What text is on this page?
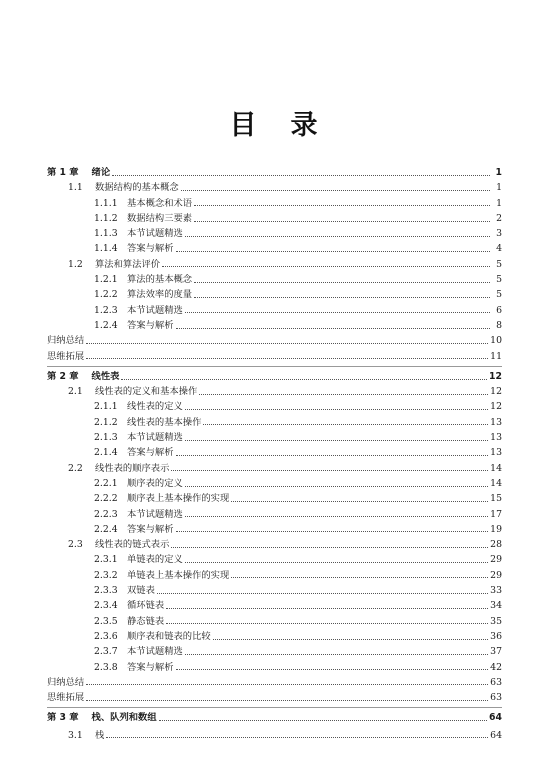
目 录
第 1 章 绪论	1
1.1	数据结构的基本概念	1
1.1.1	基本概念和术语	1
1.1.2	数据结构三要素	2
1.1.3	本节试题精选	3
1.1.4	答案与解析	4
1.2	算法和算法评价	5
1.2.1	算法的基本概念	5
1.2.2	算法效率的度量	5
1.2.3	本节试题精选	6
1.2.4	答案与解析	8
归纳总结	10
思维拓展	11
第 2 章 线性表	12
2.1	线性表的定义和基本操作	12
2.1.1	线性表的定义	12
2.1.2	线性表的基本操作	13
2.1.3	本节试题精选	13
2.1.4	答案与解析	13
2.2	线性表的顺序表示	14
2.2.1	顺序表的定义	14
2.2.2	顺序表上基本操作的实现	15
2.2.3	本节试题精选	17
2.2.4	答案与解析	19
2.3	线性表的链式表示	28
2.3.1	单链表的定义	29
2.3.2	单链表上基本操作的实现	29
2.3.3	双链表	33
2.3.4	循环链表	34
2.3.5	静态链表	35
2.3.6	顺序表和链表的比较	36
2.3.7	本节试题精选	37
2.3.8	答案与解析	42
归纳总结	63
思维拓展	63
第 3 章 栈、队列和数组	64
3.1	栈	64
